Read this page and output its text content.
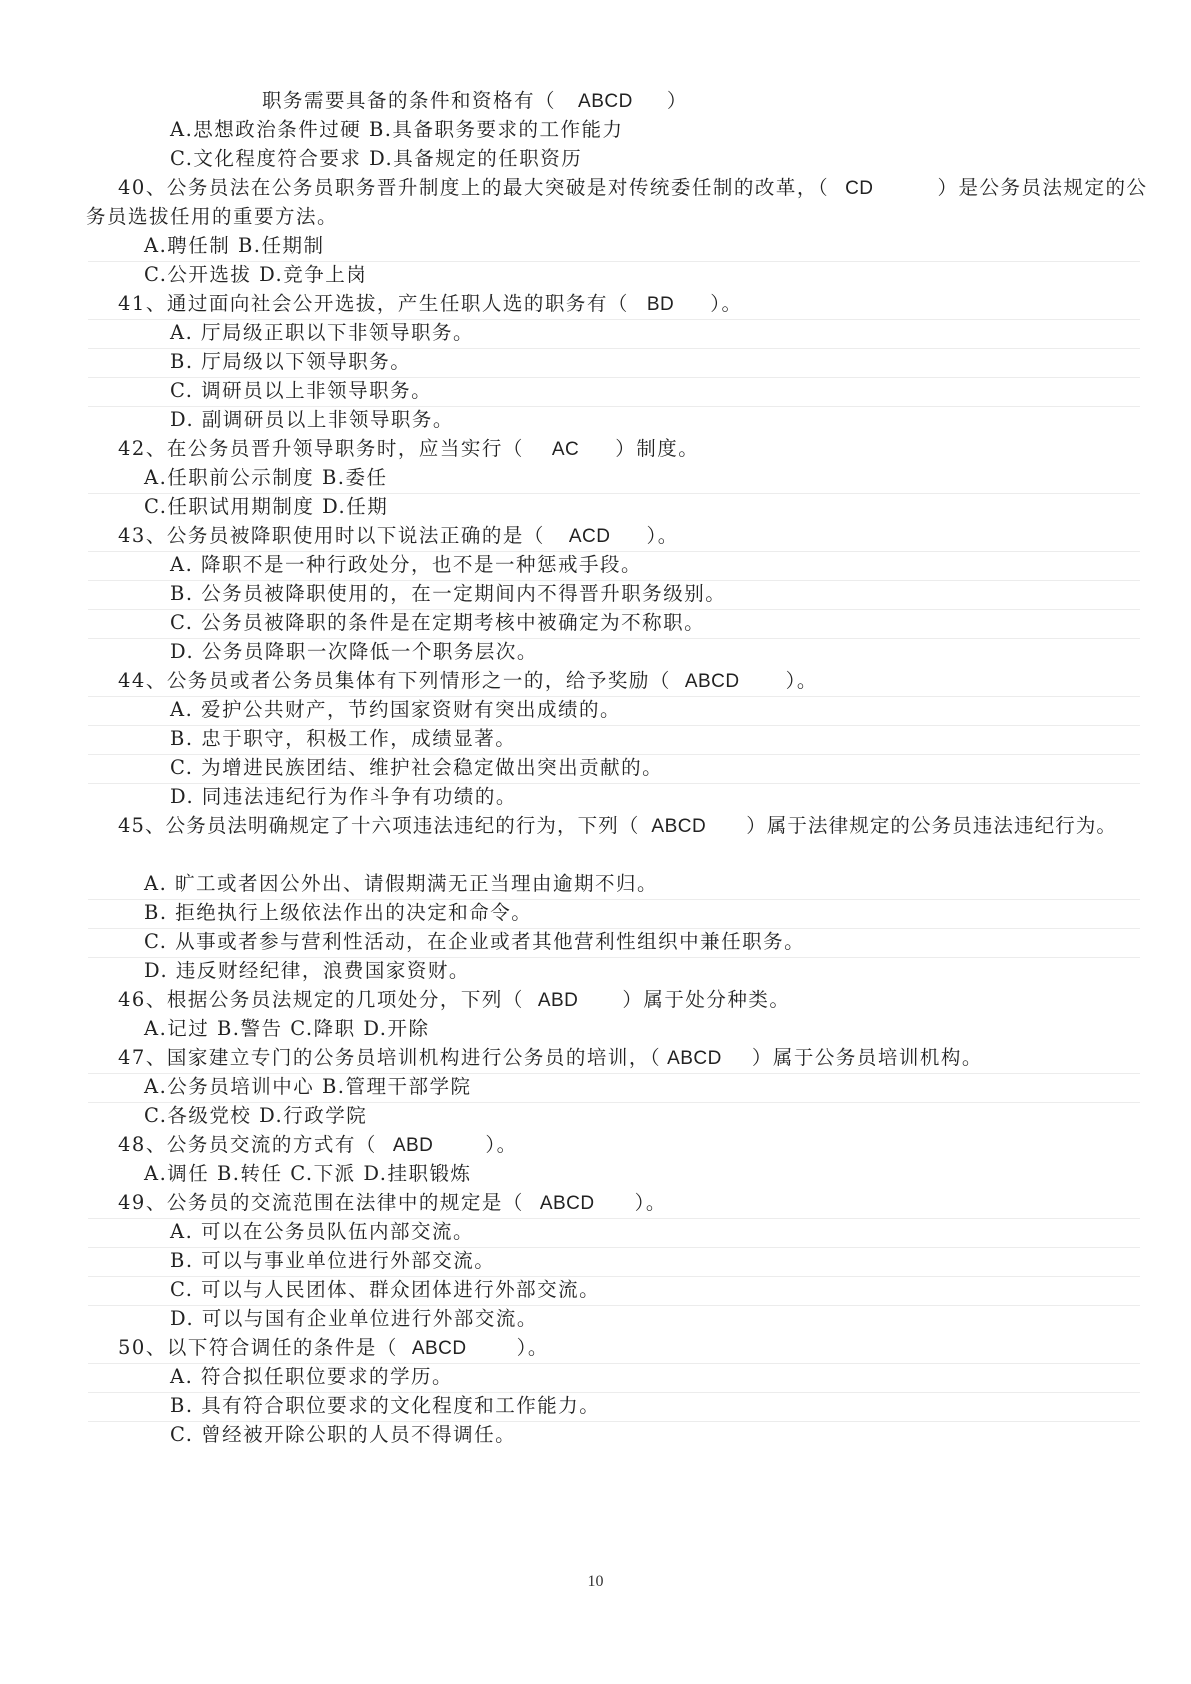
职务需要具备的条件和资格有（ ABCD ）
A.思想政治条件过硬 B.具备职务要求的工作能力
C.文化程度符合要求 D.具备规定的任职资历
40、公务员法在公务员职务晋升制度上的最大突破是对传统委任制的改革，（ CD	）是公务员法规定的公
务员选拔任用的重要方法。
A.聘任制 B.任期制
C.公开选拔 D.竞争上岗
41、通过面向社会公开选拔，产生任职人选的职务有（ BD ）。
A. 厅局级正职以下非领导职务。
B. 厅局级以下领导职务。
C. 调研员以上非领导职务。
D. 副调研员以上非领导职务。
42、在公务员晋升领导职务时，应当实行（ AC ）制度。
A.任职前公示制度 B.委任
C.任职试用期制度 D.任期
43、公务员被降职使用时以下说法正确的是（ ACD ）。
A. 降职不是一种行政处分，也不是一种惩戒手段。
B. 公务员被降职使用的，在一定期间内不得晋升职务级别。
C. 公务员被降职的条件是在定期考核中被确定为不称职。
D. 公务员降职一次降低一个职务层次。
44、公务员或者公务员集体有下列情形之一的，给予奖励（ ABCD ）。
A. 爱护公共财产，节约国家资财有突出成绩的。
B. 忠于职守，积极工作，成绩显著。
C. 为增进民族团结、维护社会稳定做出突出贡献的。
D. 同违法违纪行为作斗争有功绩的。
45、公务员法明确规定了十六项违法违纪的行为，下列（ ABCD ）属于法律规定的公务员违法违纪行为。
A. 旷工或者因公外出、请假期满无正当理由逾期不归。
B. 拒绝执行上级依法作出的决定和命令。
C. 从事或者参与营利性活动，在企业或者其他营利性组织中兼任职务。
D. 违反财经纪律，浪费国家资财。
46、根据公务员法规定的几项处分，下列（ ABD ）属于处分种类。
A.记过 B.警告 C.降职 D.开除
47、国家建立专门的公务员培训机构进行公务员的培训，（ ABCD ）属于公务员培训机构。
A.公务员培训中心 B.管理干部学院
C.各级党校 D.行政学院
48、公务员交流的方式有（ ABD	）。
A.调任 B.转任 C.下派 D.挂职锻炼
49、公务员的交流范围在法律中的规定是（ ABCD ）。
A. 可以在公务员队伍内部交流。
B. 可以与事业单位进行外部交流。
C. 可以与人民团体、群众团体进行外部交流。
D. 可以与国有企业单位进行外部交流。
50、以下符合调任的条件是（ ABCD	）。
A. 符合拟任职位要求的学历。
B. 具有符合职位要求的文化程度和工作能力。
C. 曾经被开除公职的人员不得调任。
10
